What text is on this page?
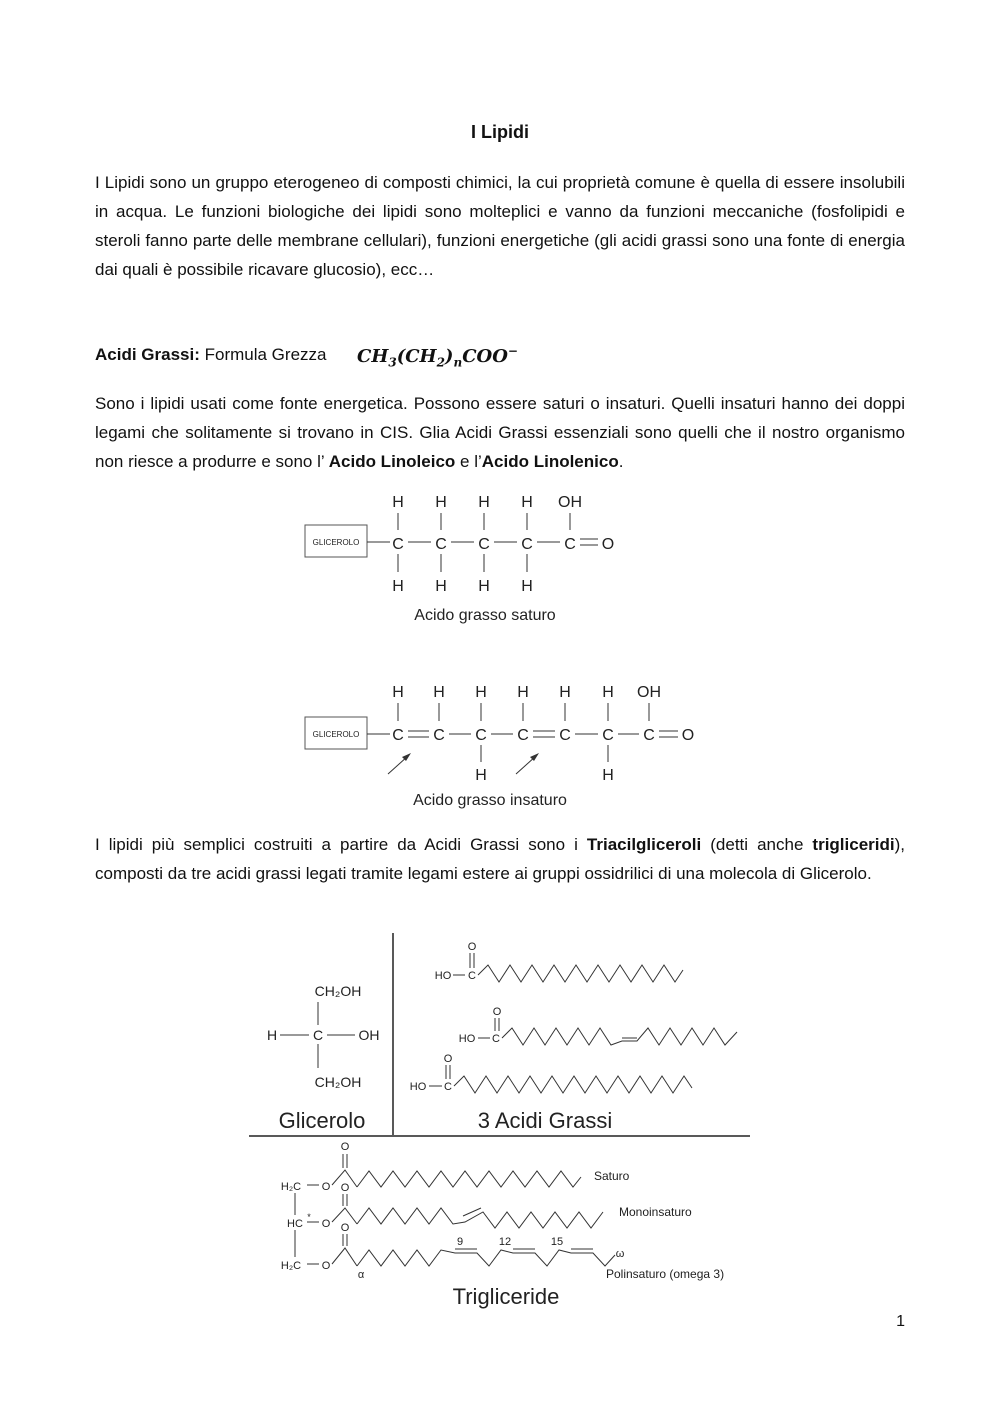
I Lipidi
I Lipidi sono un gruppo eterogeneo di composti chimici, la cui proprietà comune è quella di essere insolubili in acqua. Le funzioni biologiche dei lipidi sono molteplici e vanno da funzioni meccaniche (fosfolipidi e steroli fanno parte delle membrane cellulari), funzioni energetiche (gli acidi grassi sono una fonte di energia dai quali è possibile ricavare glucosio), ecc…
Acidi Grassi: Formula Grezza $CH_3(CH_2)_nCOO^-$
Sono i lipidi usati come fonte energetica. Possono essere saturi o insaturi. Quelli insaturi hanno dei doppi legami che solitamente si trovano in CIS. Glia Acidi Grassi essenziali sono quelli che il nostro organismo non riesce a produrre e sono l’ Acido Linoleico e l’Acido Linolenico.
GLICEROLO
H H H H OH
C C C C C O
H H H H
Acido grasso saturo
GLICEROLO
H H H H H H OH
C C C C C C C O
H	H
Acido grasso insaturo
I lipidi più semplici costruiti a partire da Acidi Grassi sono i Triacilgliceroli (detti anche trigliceridi), composti da tre acidi grassi legati tramite legami estere ai gruppi ossidrilici di una molecola di Glicerolo.
CH₂OH
H	C	OH
CH₂OH
Glicerolo
O
HO C
O
HO C
O
HO C
3 Acidi Grassi
O
H₂C O O
HC
*
O O
H₂C O
α
9	12	15
ω
Saturo
Monoinsaturo
Polinsaturo (omega 3)
Trigliceride
1
